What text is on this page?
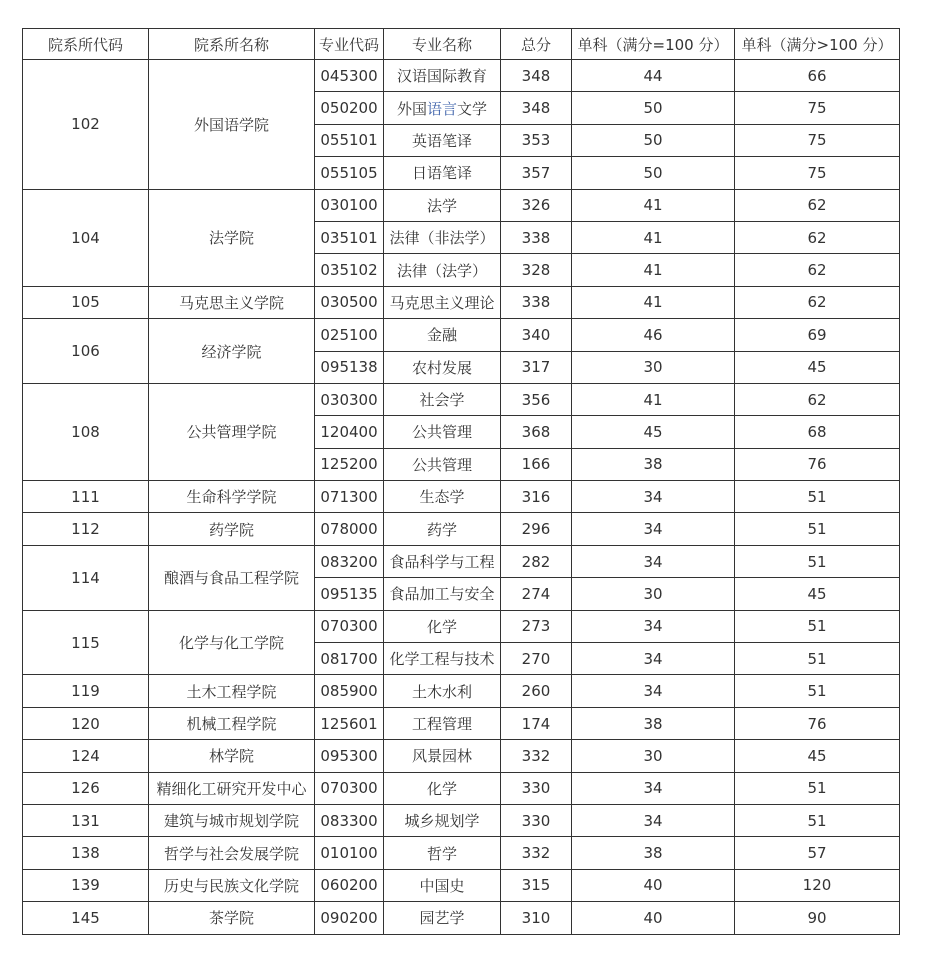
院系所代码	院系所名称	专业代码	专业名称	总分	单科（满分=100 分）	单科（满分>100 分）
102	外国语学院	045300	汉语国际教育	348	44	66
		050200	外国语言文学	348	50	75
		055101	英语笔译	353	50	75
		055105	日语笔译	357	50	75
104	法学院	030100	法学	326	41	62
		035101	法律（非法学）	338	41	62
		035102	法律（法学）	328	41	62
105	马克思主义学院	030500	马克思主义理论	338	41	62
106	经济学院	025100	金融	340	46	69
		095138	农村发展	317	30	45
108	公共管理学院	030300	社会学	356	41	62
		120400	公共管理	368	45	68
		125200	公共管理	166	38	76
111	生命科学学院	071300	生态学	316	34	51
112	药学院	078000	药学	296	34	51
114	酿酒与食品工程学院	083200	食品科学与工程	282	34	51
		095135	食品加工与安全	274	30	45
115	化学与化工学院	070300	化学	273	34	51
		081700	化学工程与技术	270	34	51
119	土木工程学院	085900	土木水利	260	34	51
120	机械工程学院	125601	工程管理	174	38	76
124	林学院	095300	风景园林	332	30	45
126	精细化工研究开发中心	070300	化学	330	34	51
131	建筑与城市规划学院	083300	城乡规划学	330	34	51
138	哲学与社会发展学院	010100	哲学	332	38	57
139	历史与民族文化学院	060200	中国史	315	40	120
145	茶学院	090200	园艺学	310	40	90
